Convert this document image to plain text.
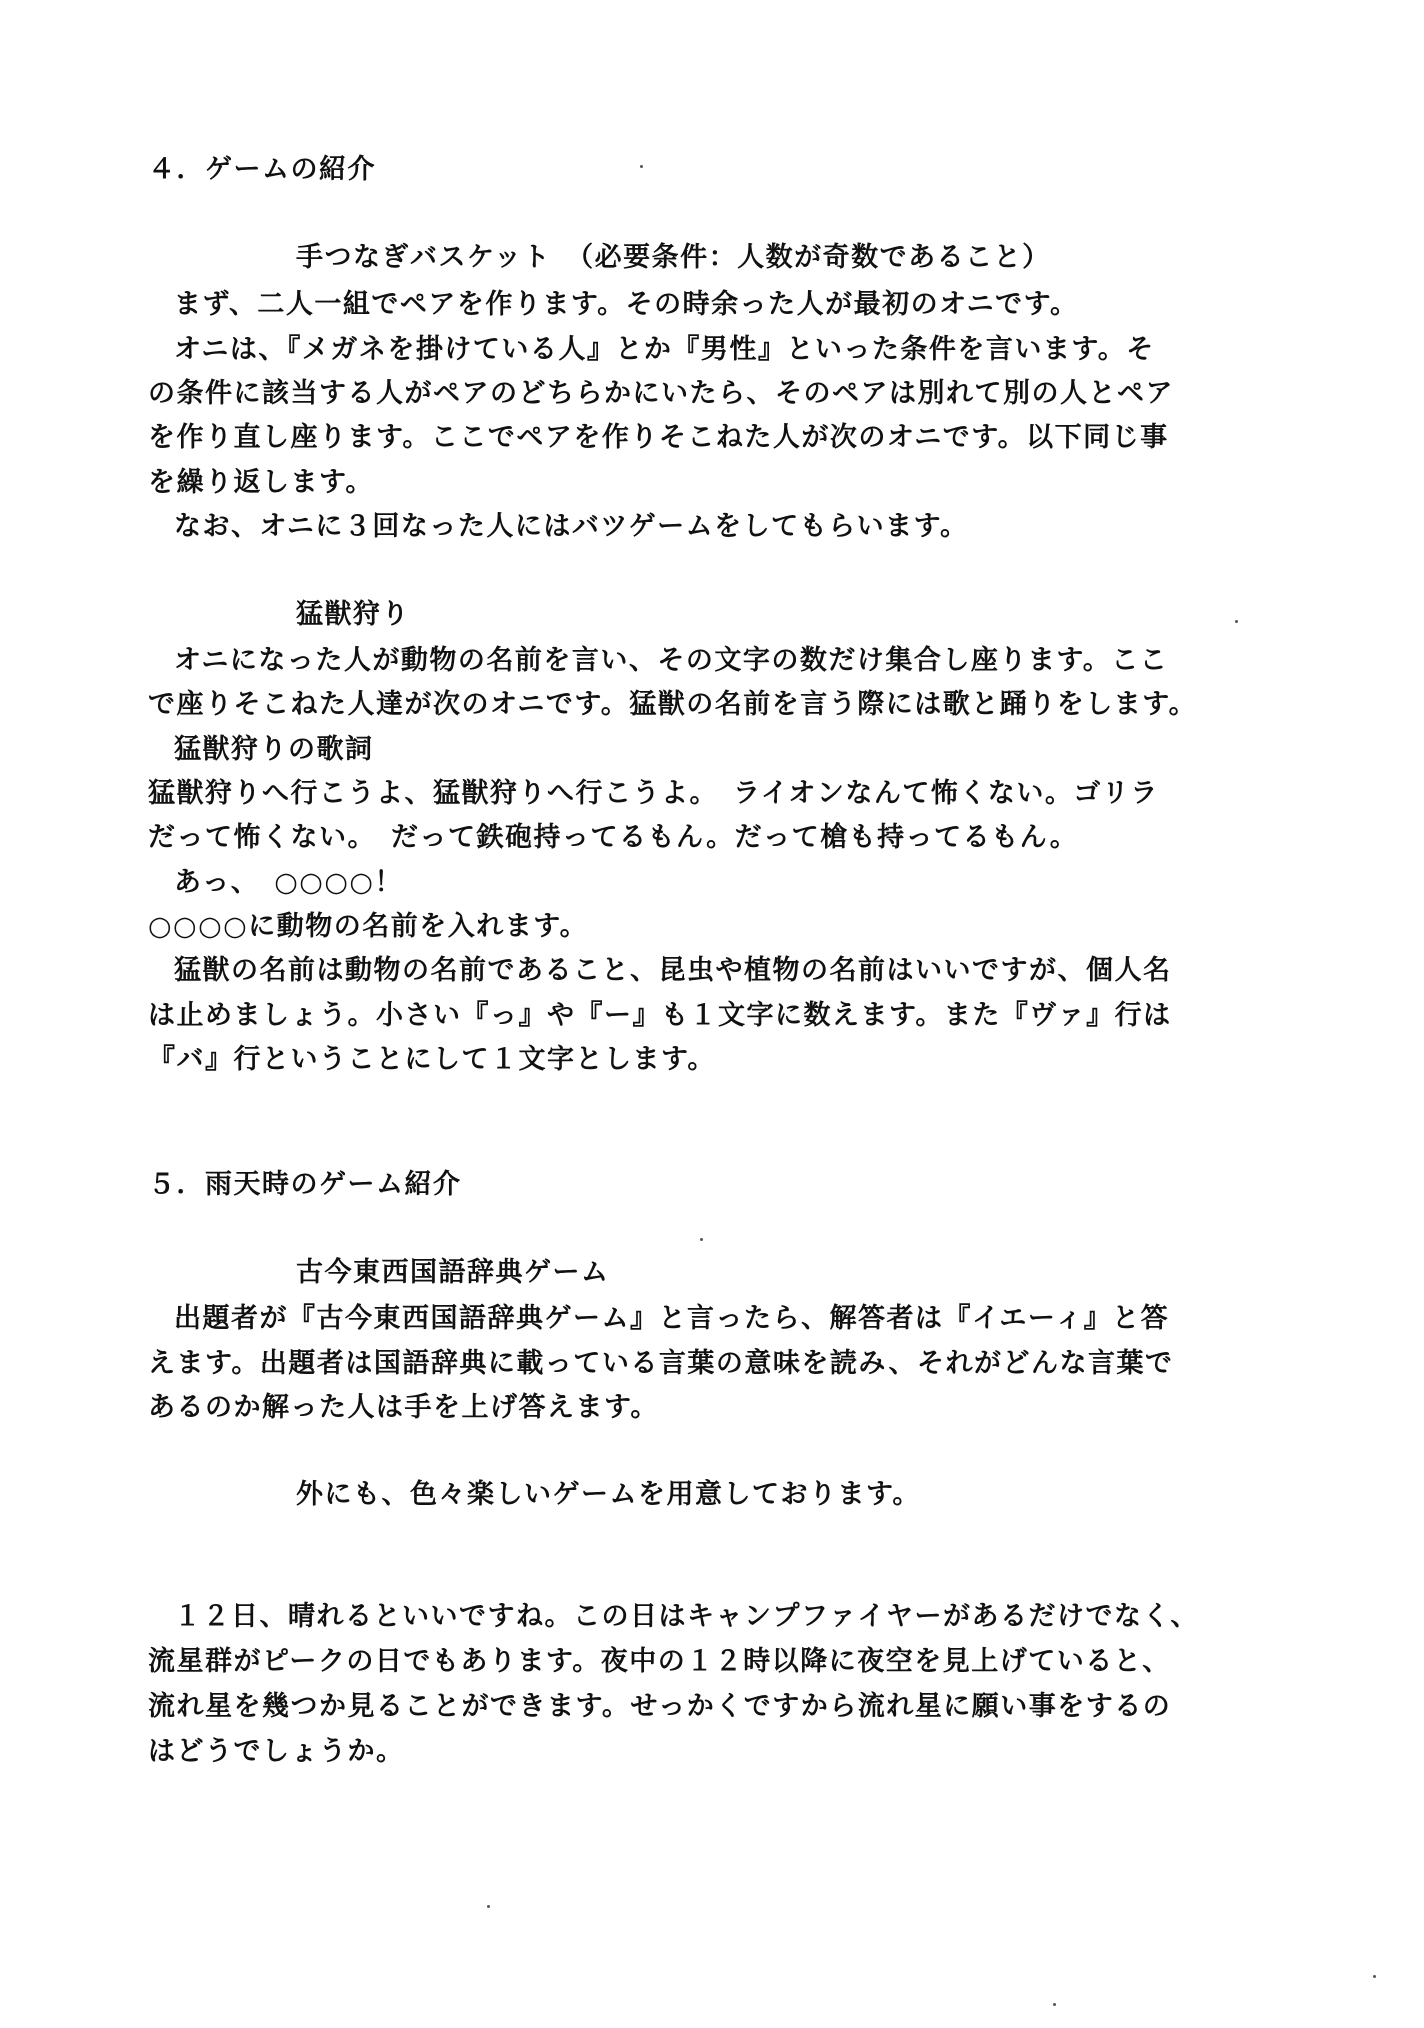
４．ゲームの紹介
手つなぎバスケット　（必要条件：人数が奇数であること）
まず、二人一組でペアを作ります。その時余った人が最初のオニです。
オニは、『メガネを掛けている人』とか『男性』といった条件を言います。そ
の条件に該当する人がペアのどちらかにいたら、そのペアは別れて別の人とペア
を作り直し座ります。ここでペアを作りそこねた人が次のオニです。以下同じ事
を繰り返します。
なお、オニに３回なった人にはバツゲームをしてもらいます。
猛獣狩り
オニになった人が動物の名前を言い、その文字の数だけ集合し座ります。ここ
で座りそこねた人達が次のオニです。猛獣の名前を言う際には歌と踊りをします。
猛獣狩りの歌詞
猛獣狩りへ行こうよ、猛獣狩りへ行こうよ。　ライオンなんて怖くない。ゴリラ
だって怖くない。　だって鉄砲持ってるもん。だって槍も持ってるもん。
あっ、　○○○○！
○○○○に動物の名前を入れます。
猛獣の名前は動物の名前であること、昆虫や植物の名前はいいですが、個人名
は止めましょう。小さい『っ』や『ー』も１文字に数えます。また『ヴァ』行は
『バ』行ということにして１文字とします。
５．雨天時のゲーム紹介
古今東西国語辞典ゲーム
出題者が『古今東西国語辞典ゲーム』と言ったら、解答者は『イエーィ』と答
えます。出題者は国語辞典に載っている言葉の意味を読み、それがどんな言葉で
あるのか解った人は手を上げ答えます。
外にも、色々楽しいゲームを用意しております。
１２日、晴れるといいですね。この日はキャンプファイヤーがあるだけでなく、
流星群がピークの日でもあります。夜中の１２時以降に夜空を見上げていると、
流れ星を幾つか見ることができます。せっかくですから流れ星に願い事をするの
はどうでしょうか。
